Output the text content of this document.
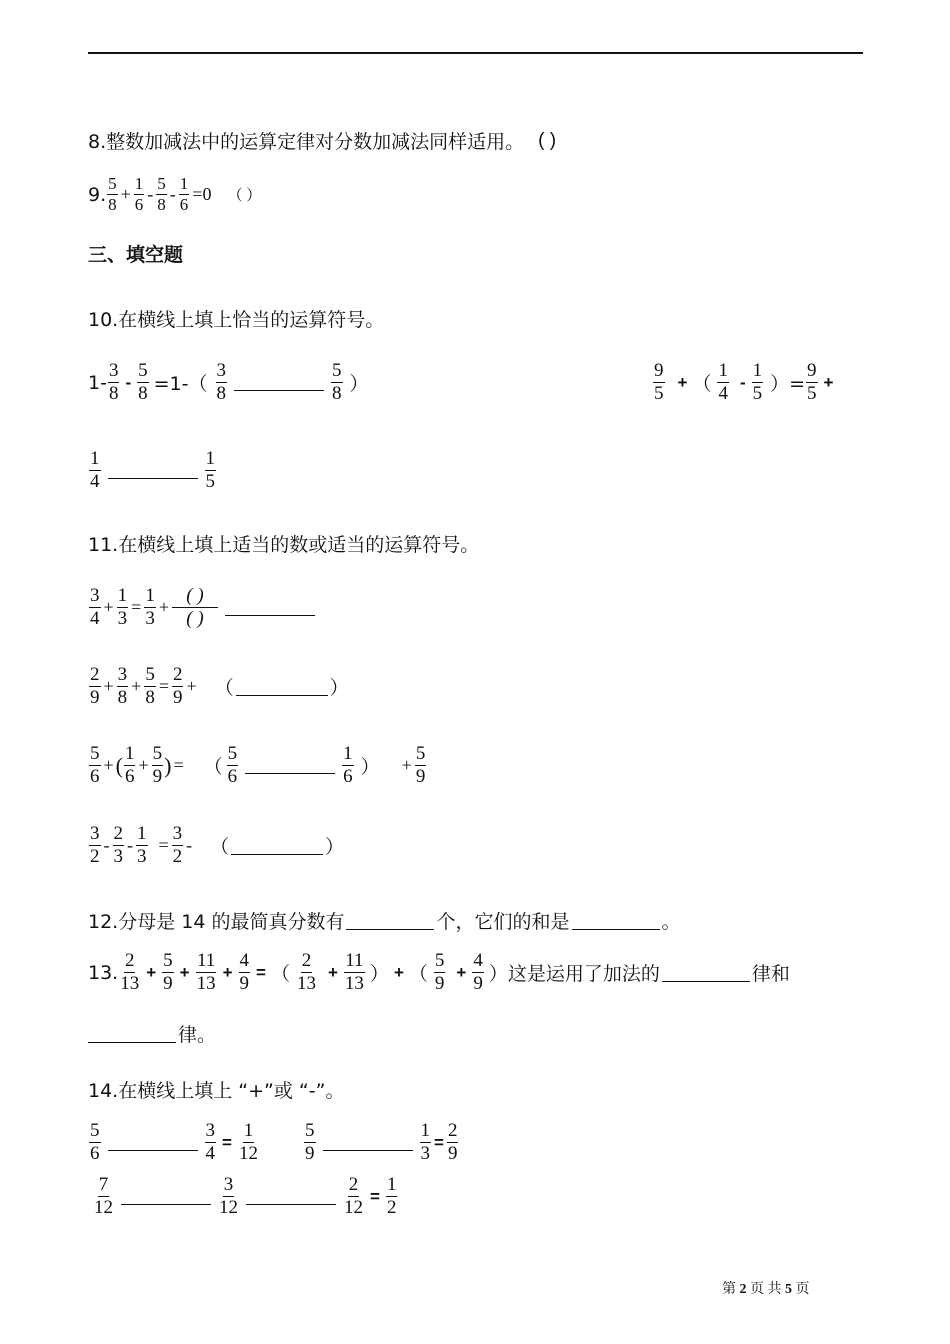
8.整数加减法中的运算定律对分数加减法同样适用。 ( )
9. $\frac{5}{8} + \frac{1}{6} - \frac{5}{8} - \frac{1}{6} =0$ （ ）
三、填空题
10.在横线上填上恰当的运算符号。
$1- \frac{3}{8} - \frac{5}{8} =1-( \frac{3}{8}$	$\frac{5}{8}$ ）	$\frac{9}{5}$ + （ $\frac{1}{4} - \frac{1}{5}$ ）= $\frac{9}{5}$ +
$\frac{1}{4}$	$\frac{1}{5}$
11.在横线上填上适当的数或适当的运算符号。
$\frac{3}{4} + \frac{1}{3} = \frac{1}{3} + \frac{( )}{( )}$
$\frac{2}{9} + \frac{3}{8} + \frac{5}{8} = \frac{2}{9}$ + （	）
$\frac{5}{6}$ + ( $\frac{1}{6} + \frac{5}{9}$ ) = （ $\frac{5}{6}$	$\frac{1}{6}$ ） + $\frac{5}{9}$
$\frac{3}{2} - \frac{2}{3} - \frac{1}{3} = \frac{3}{2}$ - （	）
12.分母是 14 的最简真分数有	个，它们的和是	。
13. $\frac{2}{13} + \frac{5}{9} + \frac{11}{13} + \frac{4}{9}$ = （ $\frac{2}{13} + \frac{11}{13}$ ） + （ $\frac{5}{9} + \frac{4}{9}$ ） 这是运用了加法的	律和
律。
14.在横线上填上 “+”或 “-”。
$\frac{5}{6}$	$\frac{3}{4} = \frac{1}{12} \frac{5}{9}$	$\frac{1}{3} = \frac{2}{9}$
$\frac{7}{12}$	$\frac{3}{12}$	$\frac{2}{12} = \frac{1}{2}$
第 2 页 共 5 页
